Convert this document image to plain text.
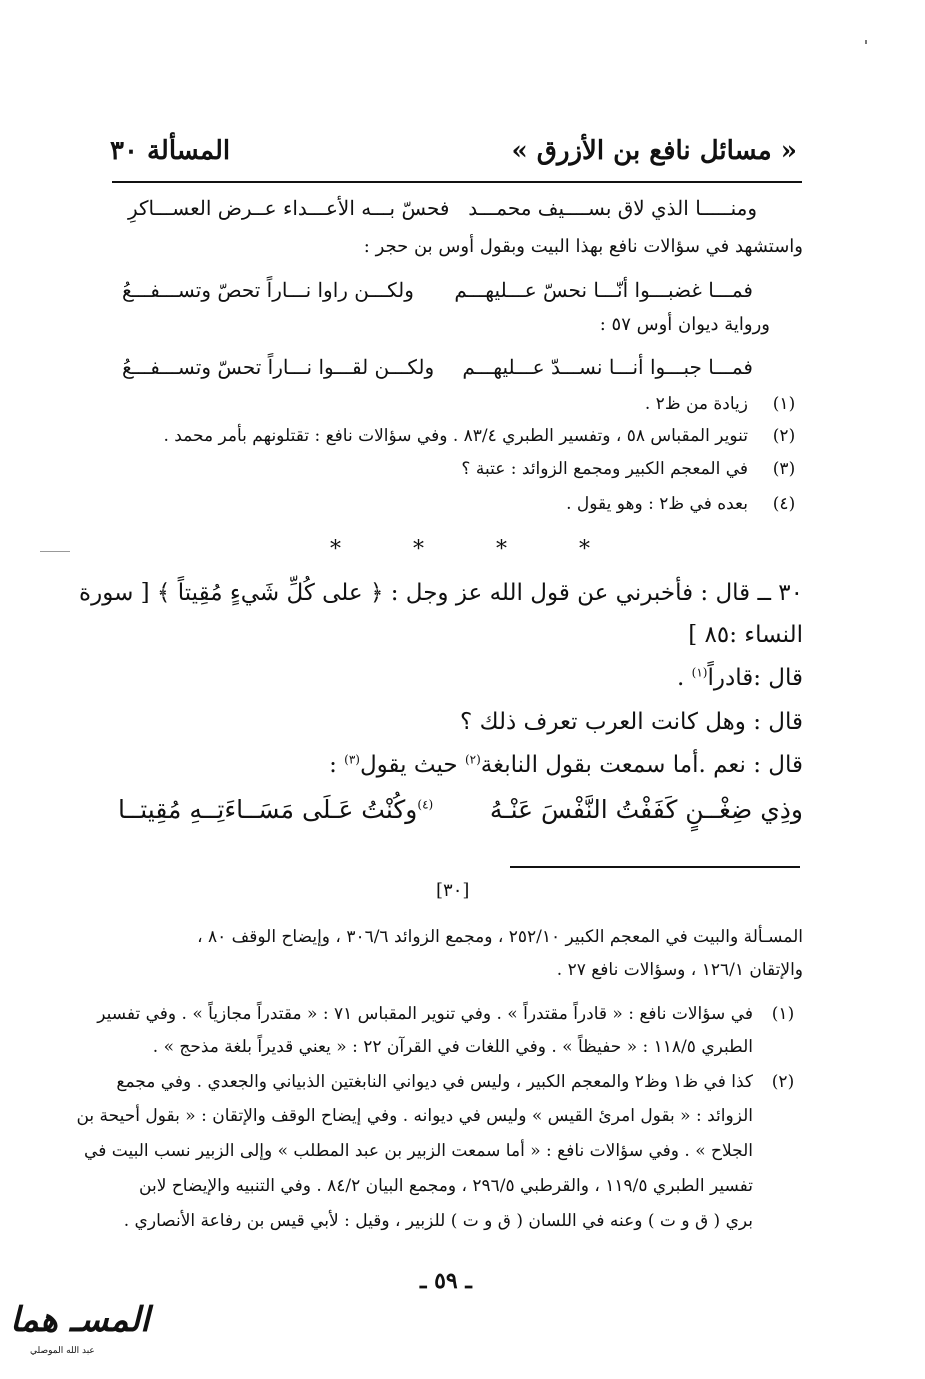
« مسائل نافع بن الأزرق »
المسألة ٣٠
ومنـــــا الذي لاق بســــيف محمـــد
فحسّ بـــه الأعـــداء عــرض العســـاكرِ
واستشهد في سؤالات نافع بهذا البيت وبقول أوس بن حجر :
فمـــا غضبـــوا أنّـــا نحسّ عـــليهـــم
ولكـــن راوا نـــاراً تحصّ وتســـفـــعُ
ورواية ديوان أوس ٥٧ :
فمـــا جبـــوا أنـــا نســـدّ عـــليهـــم
ولكـــن لقـــوا نـــاراً تحسّ وتســـفـــعُ
(١)
زيادة من ظ٢ .
(٢)
تنوير المقباس ٥٨ ، وتفسير الطبري ٨٣/٤ . وفي سؤالات نافع : تقتلونهم بأمر محمد .
(٣)
في المعجم الكبير ومجمع الزوائد : عتبة ؟
(٤)
بعده في ظ٢ : وهو يقول .
*	*	*	*
٣٠ ــ قال : فأخبرني عن قول الله عز وجل : ﴿ على كُلِّ شَيءٍ مُقِيتاً ﴾ [ سورة
النساء :٨٥ ]
قال :قادراً$^{(١)}$ .
قال : وهل كانت العرب تعرف ذلك ؟
قال : نعم .أما سمعت بقول النابغة$^{(٢)}$ حيث يقول$^{(٣)}$ :
وذِي ضِغْــنٍ كَفَفْتُ النَّفْسَ عَنْـهُ
$^{(٤)}$وكُنْتُ عَـلَى مَسَــاءَتِــهِ مُقِيتــا
[٣٠]
المسـألة والبيت في المعجم الكبير ٢٥٢/١٠ ، ومجمع الزوائد ٣٠٦/٦ ، وإيضاح الوقف ٨٠ ،
والإتقان ١٢٦/١ ، وسؤالات نافع ٢٧ .
(١)
في سؤالات نافع : « قادراً مقتدراً » . وفي تنوير المقباس ٧١ : « مقتدراً مجازياً » . وفي تفسير
الطبري ١١٨/٥ : « حفيظاً » . وفي اللغات في القرآن ٢٢ : « يعني قديراً بلغة مذحج » .
(٢)
كذا في ظ١ وظ٢ والمعجم الكبير ، وليس في ديواني النابغتين الذبياني والجعدي . وفي مجمع
الزوائد : « بقول امرئ القيس » وليس في ديوانه . وفي إيضاح الوقف والإتقان : « بقول أحيحة بن
الجلاح » . وفي سؤالات نافع : « أما سمعت الزبير بن عبد المطلب » وإلى الزبير نسب البيت في
تفسير الطبري ١١٩/٥ ، والقرطبي ٢٩٦/٥ ، ومجمع البيان ٨٤/٢ . وفي التنبيه والإيضاح لابن
بري ( ق و ت ) وعنه في اللسان ( ق و ت ) للزبير ، وقيل : لأبي قيس بن رفاعة الأنصاري .
ـ ٥٩ ـ
المسـ هما
عبد الله الموصلي
